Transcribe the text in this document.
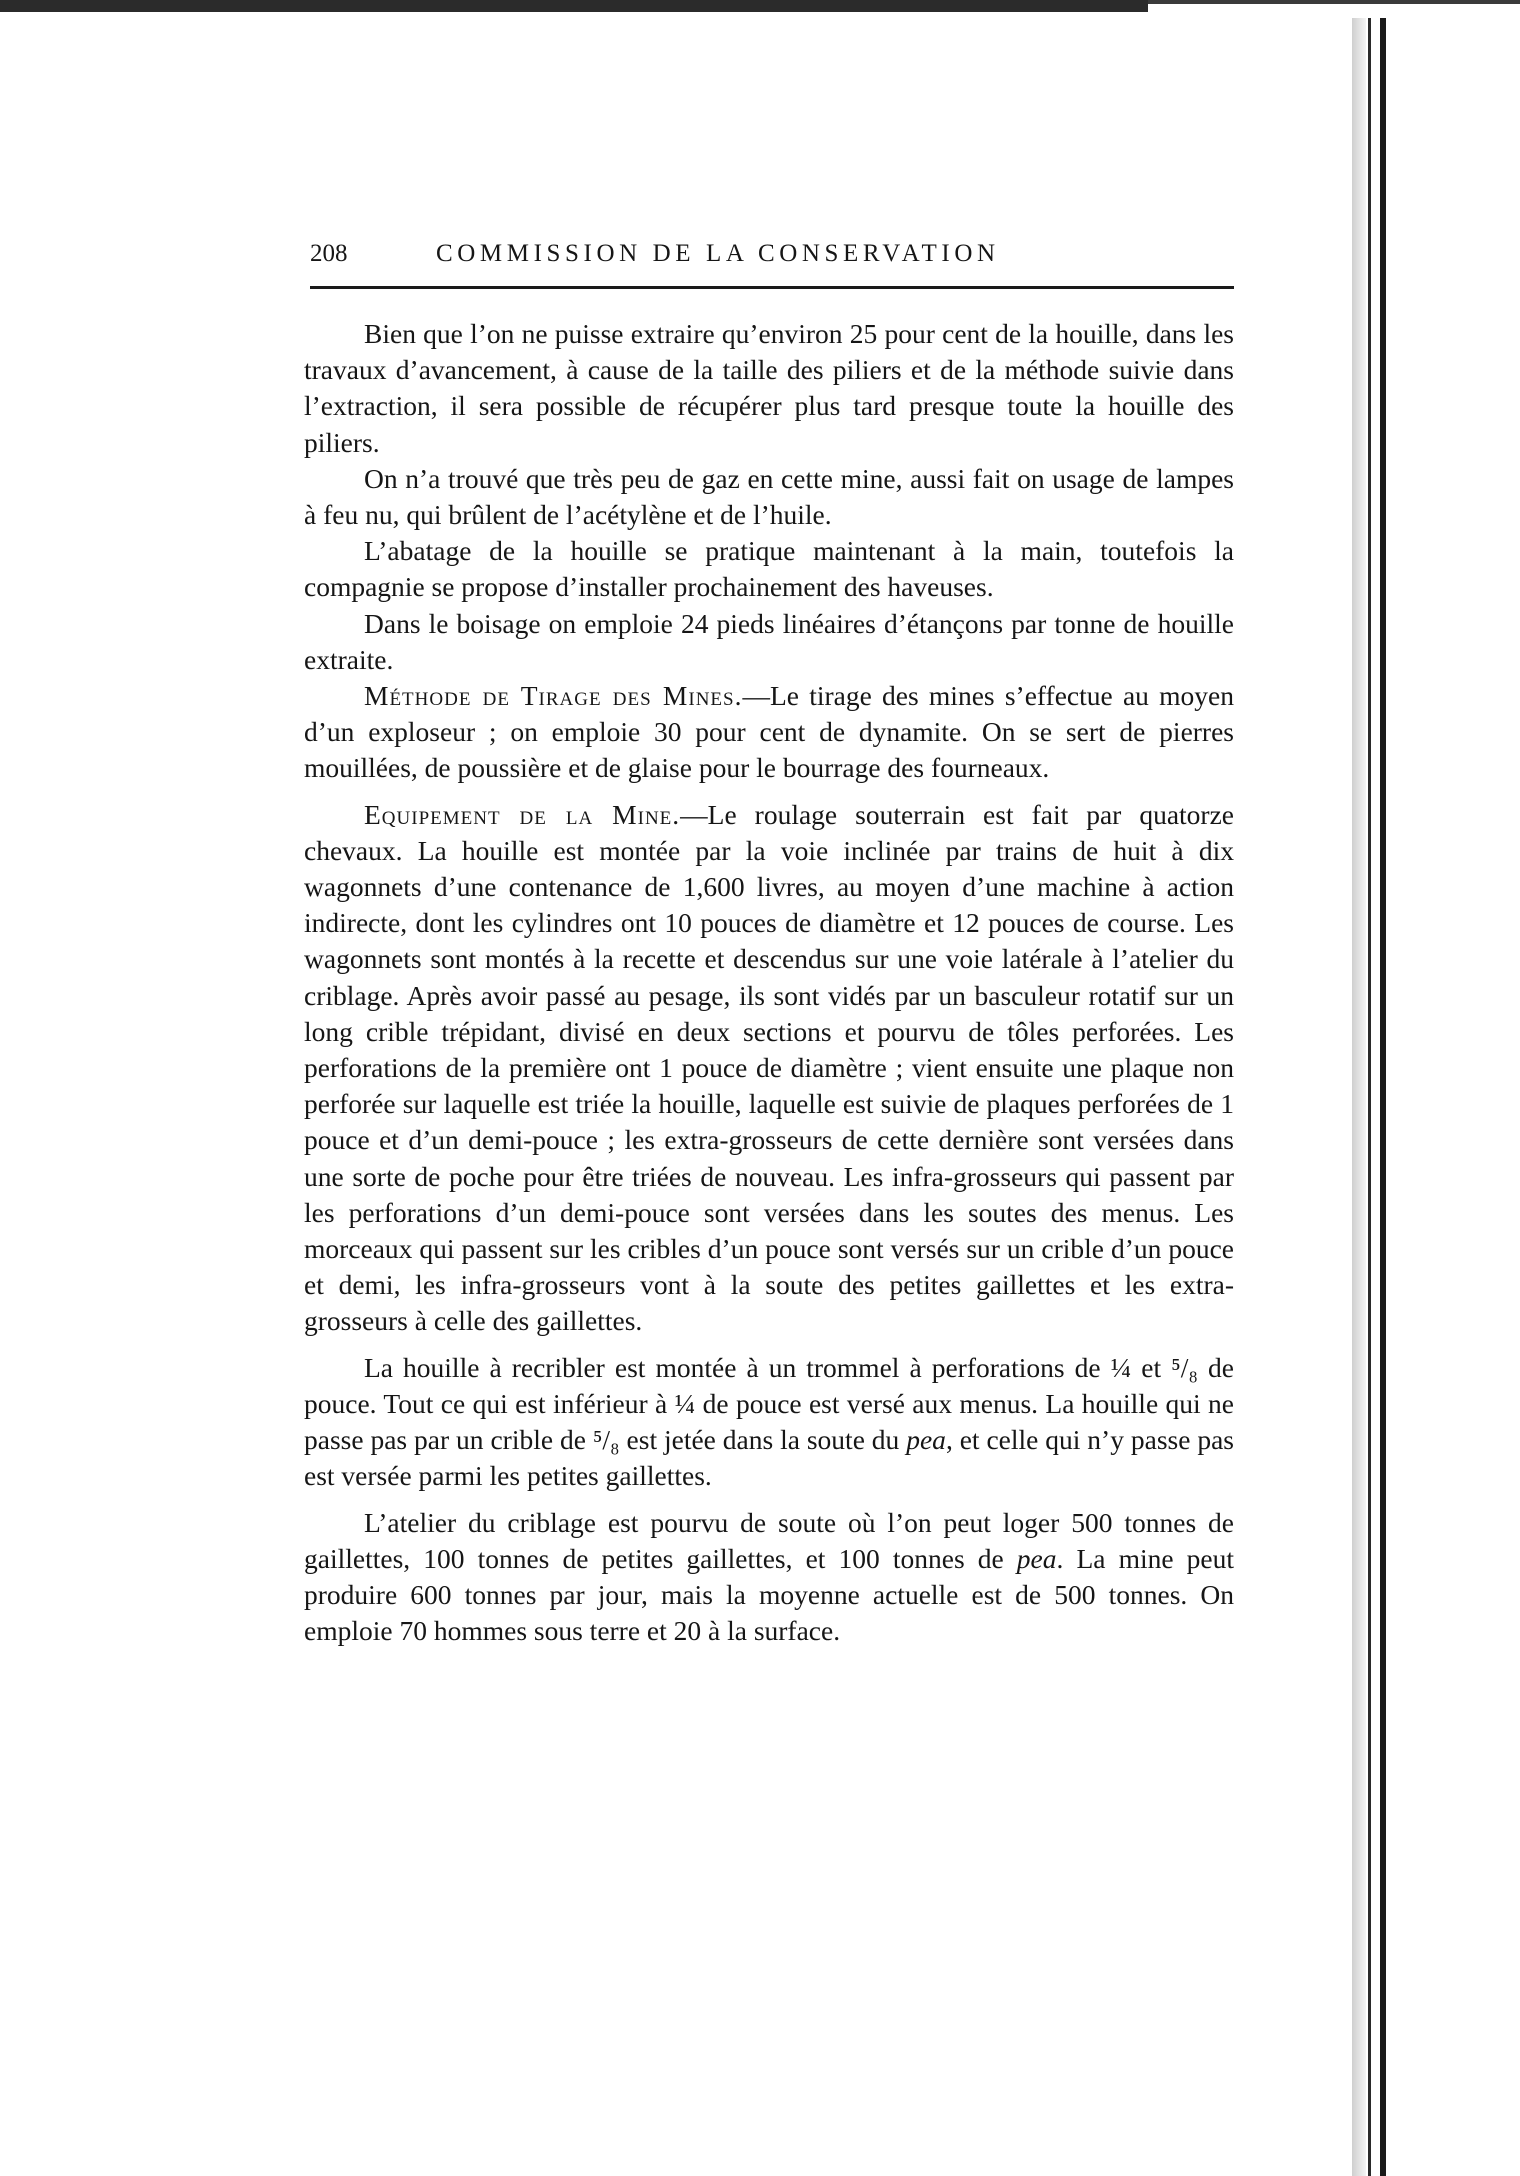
208	COMMISSION DE LA CONSERVATION

Bien que l’on ne puisse extraire qu’environ 25 pour cent de la houille, dans les travaux d’avancement, à cause de la taille des piliers et de la méthode suivie dans l’extraction, il sera possible de récupérer plus tard presque toute la houille des piliers.

On n’a trouvé que très peu de gaz en cette mine, aussi fait on usage de lampes à feu nu, qui brûlent de l’acétylène et de l’huile.

L’abatage de la houille se pratique maintenant à la main, toutefois la compagnie se propose d’installer prochainement des haveuses.

Dans le boisage on emploie 24 pieds linéaires d’étançons par tonne de houille extraite.

Méthode de Tirage des Mines.—Le tirage des mines s’effectue au moyen d’un exploseur ; on emploie 30 pour cent de dynamite. On se sert de pierres mouillées, de poussière et de glaise pour le bourrage des fourneaux.

Equipement de la Mine.—Le roulage souterrain est fait par quatorze chevaux. La houille est montée par la voie inclinée par trains de huit à dix wagonnets d’une contenance de 1,600 livres, au moyen d’une machine à action indirecte, dont les cylindres ont 10 pouces de diamètre et 12 pouces de course. Les wagonnets sont montés à la recette et descendus sur une voie latérale à l’atelier du criblage. Après avoir passé au pesage, ils sont vidés par un basculeur rotatif sur un long crible trépidant, divisé en deux sections et pourvu de tôles perforées. Les perforations de la première ont 1 pouce de diamètre ; vient ensuite une plaque non perforée sur laquelle est triée la houille, laquelle est suivie de plaques perforées de 1 pouce et d’un demi-pouce ; les extra-grosseurs de cette dernière sont versées dans une sorte de poche pour être triées de nouveau. Les infra-grosseurs qui passent par les perforations d’un demi-pouce sont versées dans les soutes des menus. Les morceaux qui passent sur les cribles d’un pouce sont versés sur un crible d’un pouce et demi, les infra-grosseurs vont à la soute des petites gaillettes et les extra-grosseurs à celle des gaillettes.

La houille à recribler est montée à un trommel à perforations de ¼ et ⁵/₈ de pouce. Tout ce qui est inférieur à ¼ de pouce est versé aux menus. La houille qui ne passe pas par un crible de ⁵/₈ est jetée dans la soute du pea, et celle qui n’y passe pas est versée parmi les petites gaillettes.

L’atelier du criblage est pourvu de soute où l’on peut loger 500 tonnes de gaillettes, 100 tonnes de petites gaillettes, et 100 tonnes de pea. La mine peut produire 600 tonnes par jour, mais la moyenne actuelle est de 500 tonnes. On emploie 70 hommes sous terre et 20 à la surface.
